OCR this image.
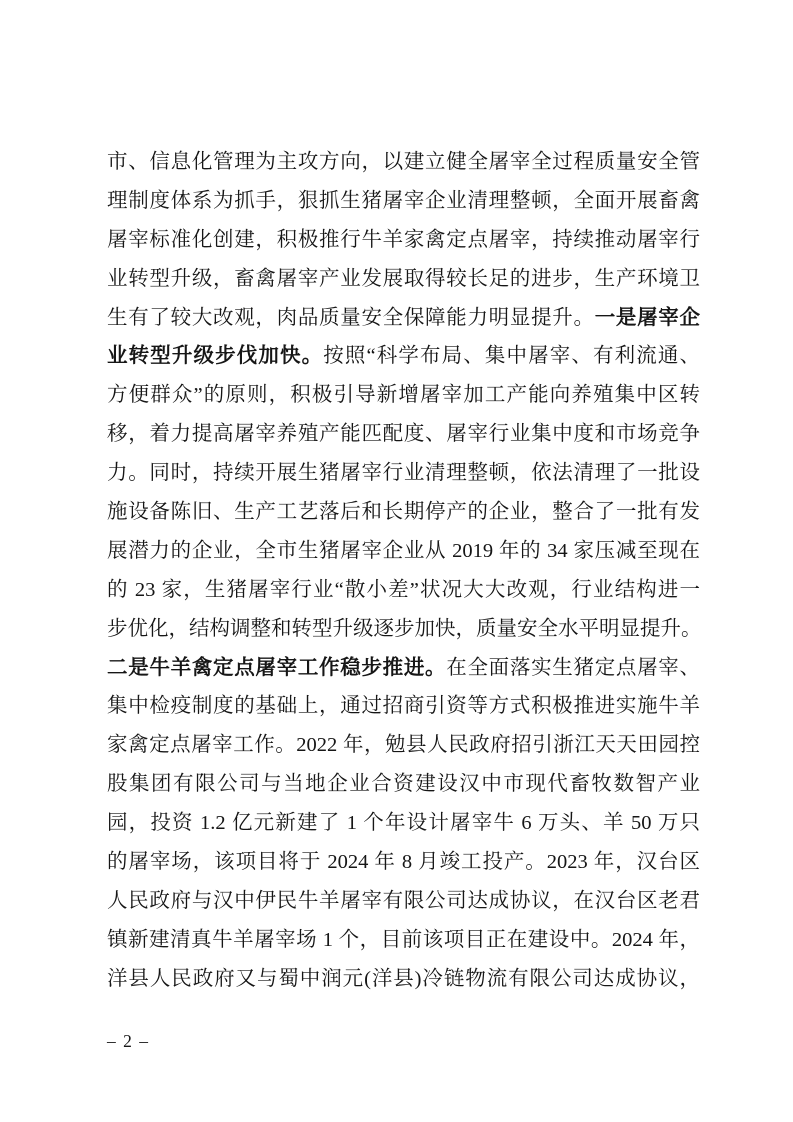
市、信息化管理为主攻方向，以建立健全屠宰全过程质量安全管
理制度体系为抓手，狠抓生猪屠宰企业清理整顿，全面开展畜禽
屠宰标准化创建，积极推行牛羊家禽定点屠宰，持续推动屠宰行
业转型升级，畜禽屠宰产业发展取得较长足的进步，生产环境卫
生有了较大改观，肉品质量安全保障能力明显提升。一是屠宰企
业转型升级步伐加快。按照“科学布局、集中屠宰、有利流通、
方便群众”的原则，积极引导新增屠宰加工产能向养殖集中区转
移，着力提高屠宰养殖产能匹配度、屠宰行业集中度和市场竞争
力。同时，持续开展生猪屠宰行业清理整顿，依法清理了一批设
施设备陈旧、生产工艺落后和长期停产的企业，整合了一批有发
展潜力的企业，全市生猪屠宰企业从 2019 年的 34 家压减至现在
的 23 家，生猪屠宰行业“散小差”状况大大改观，行业结构进一
步优化，结构调整和转型升级逐步加快，质量安全水平明显提升。
二是牛羊禽定点屠宰工作稳步推进。在全面落实生猪定点屠宰、
集中检疫制度的基础上，通过招商引资等方式积极推进实施牛羊
家禽定点屠宰工作。2022 年，勉县人民政府招引浙江天天田园控
股集团有限公司与当地企业合资建设汉中市现代畜牧数智产业
园，投资 1.2 亿元新建了 1 个年设计屠宰牛 6 万头、羊 50 万只
的屠宰场，该项目将于 2024 年 8 月竣工投产。2023 年，汉台区
人民政府与汉中伊民牛羊屠宰有限公司达成协议，在汉台区老君
镇新建清真牛羊屠宰场 1 个，目前该项目正在建设中。2024 年，
洋县人民政府又与蜀中润元(洋县)冷链物流有限公司达成协议，
– 2 –
